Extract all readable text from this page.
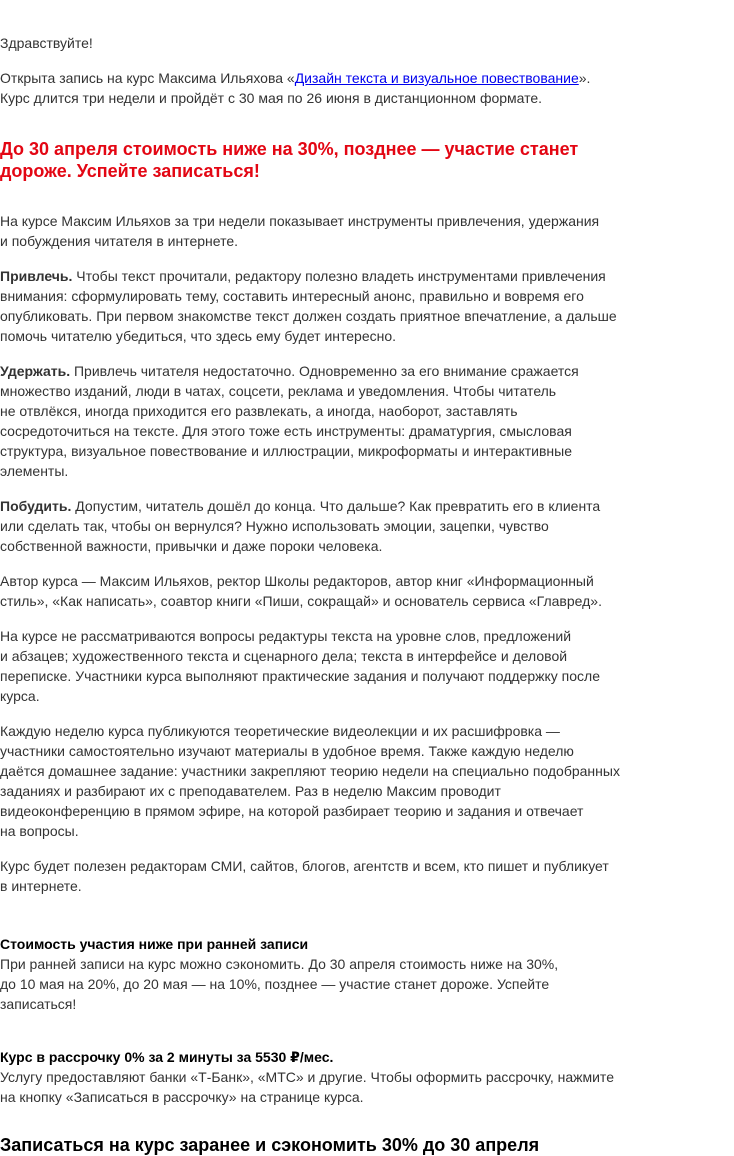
Здравствуйте!

Открыта запись на курс Максима Ильяхова «Дизайн текста и визуальное повествование».
Курс длится три недели и пройдёт с 30 мая по 26 июня в дистанционном формате.
До 30 апреля стоимость ниже на 30%, позднее — участие станет
дороже. Успейте записаться!

На курсе Максим Ильяхов за три недели показывает инструменты привлечения, удержания
и побуждения читателя в интернете.

Привлечь. Чтобы текст прочитали, редактору полезно владеть инструментами привлечения
внимания: сформулировать тему, составить интересный анонс, правильно и вовремя его
опубликовать. При первом знакомстве текст должен создать приятное впечатление, а дальше
помочь читателю убедиться, что здесь ему будет интересно.

Удержать. Привлечь читателя недостаточно. Одновременно за его внимание сражается
множество изданий, люди в чатах, соцсети, реклама и уведомления. Чтобы читатель
не отвлёкся, иногда приходится его развлекать, а иногда, наоборот, заставлять
сосредоточиться на тексте. Для этого тоже есть инструменты: драматургия, смысловая
структура, визуальное повествование и иллюстрации, микроформаты и интерактивные
элементы.

Побудить. Допустим, читатель дошёл до конца. Что дальше? Как превратить его в клиента
или сделать так, чтобы он вернулся? Нужно использовать эмоции, зацепки, чувство
собственной важности, привычки и даже пороки человека.

Автор курса — Максим Ильяхов, ректор Школы редакторов, автор книг «Информационный
стиль», «Как написать», соавтор книги «Пиши, сокращай» и основатель сервиса «Главред».

На курсе не рассматриваются вопросы редактуры текста на уровне слов, предложений
и абзацев; художественного текста и сценарного дела; текста в интерфейсе и деловой
переписке. Участники курса выполняют практические задания и получают поддержку после
курса.

Каждую неделю курса публикуются теоретические видеолекции и их расшифровка —
участники самостоятельно изучают материалы в удобное время. Также каждую неделю
даётся домашнее задание: участники закрепляют теорию недели на специально подобранных
заданиях и разбирают их с преподавателем. Раз в неделю Максим проводит
видеоконференцию в прямом эфире, на которой разбирает теорию и задания и отвечает
на вопросы.

Курс будет полезен редакторам СМИ, сайтов, блогов, агентств и всем, кто пишет и публикует
в интернете.

Стоимость участия ниже при ранней записи

При ранней записи на курс можно сэкономить. До 30 апреля стоимость ниже на 30%,
до 10 мая на 20%, до 20 мая — на 10%, позднее — участие станет дороже. Успейте
записаться!

Курс в рассрочку 0% за 2 минуты за 5530 ₽/мес.

Услугу предоставляют банки «Т-Банк», «МТС» и другие. Чтобы оформить рассрочку, нажмите
на кнопку «Записаться в рассрочку» на странице курса.

Записаться на курс заранее и сэкономить 30% до 30 апреля
